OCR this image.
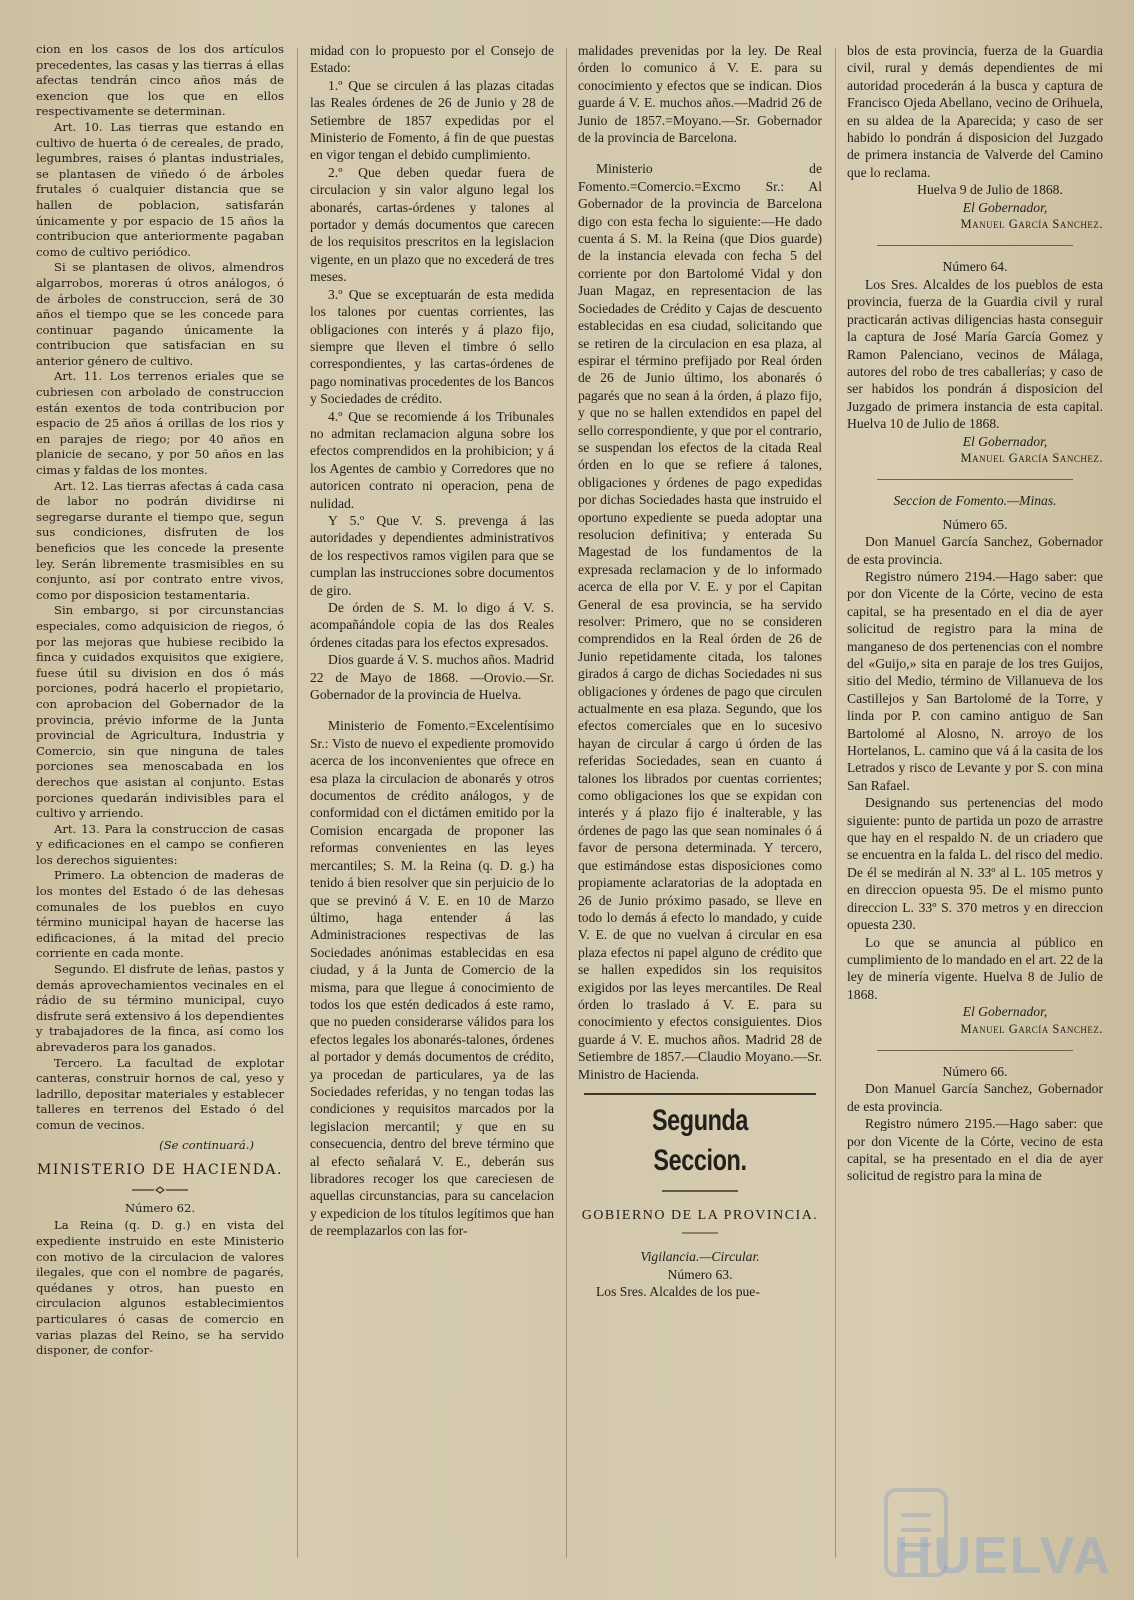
cion en los casos de los dos artículos precedentes, las casas y las tierras á ellas afectas tendrán cinco años más de exencion que los que en ellos respectivamente se determinan.

Art. 10. Las tierras que estando en cultivo de huerta ó de cereales, de prado, legumbres, raises ó plantas industriales, se plantasen de viñedo ó de árboles frutales ó cualquier distancia que se hallen de poblacion, satisfarán únicamente y por espacio de 15 años la contribucion que anteriormente pagaban como de cultivo periódico.

Si se plantasen de olivos, almendros algarrobos, moreras ú otros análogos, ó de árboles de construccion, será de 30 años el tiempo que se les concede para continuar pagando únicamente la contribucion que satisfacian en su anterior género de cultivo.

Art. 11. Los terrenos eriales que se cubriesen con arbolado de construccion están exentos de toda contribucion por espacio de 25 años á orillas de los rios y en parajes de riego; por 40 años en planicie de secano, y por 50 años en las cimas y faldas de los montes.

Art. 12. Las tierras afectas á cada casa de labor no podrán dividirse ni segregarse durante el tiempo que, segun sus condiciones, disfruten de los beneficios que les concede la presente ley. Serán libremente trasmisibles en su conjunto, así por contrato entre vivos, como por disposicion testamentaria.

Sin embargo, si por circunstancias especiales, como adquisicion de riegos, ó por las mejoras que hubiese recibido la finca y cuidados exquisitos que exigiere, fuese útil su division en dos ó más porciones, podrá hacerlo el propietario, con aprobacion del Gobernador de la provincia, prévio informe de la Junta provincial de Agricultura, Industria y Comercio, sin que ninguna de tales porciones sea menoscabada en los derechos que asistan al conjunto. Estas porciones quedarán indivisibles para el cultivo y arriendo.

Art. 13. Para la construccion de casas y edificaciones en el campo se confieren los derechos siguientes:

Primero. La obtencion de maderas de los montes del Estado ó de las dehesas comunales de los pueblos en cuyo término municipal hayan de hacerse las edificaciones, á la mitad del precio corriente en cada monte.

Segundo. El disfrute de leñas, pastos y demás aprovechamientos vecinales en el rádio de su término municipal, cuyo disfrute será extensivo á los dependientes y trabajadores de la finca, así como los abrevaderos para los ganados.

Tercero. La facultad de explotar canteras, construir hornos de cal, yeso y ladrillo, depositar materiales y establecer talleres en terrenos del Estado ó del comun de vecinos.

(Se continuará.)

MINISTERIO DE HACIENDA.
Número 62.

La Reina (q. D. g.) en vista del expediente instruido en este Ministerio con motivo de la circulacion de valores ilegales, que con el nombre de pagarés, quédanes y otros, han puesto en circulacion algunos establecimientos particulares ó casas de comercio en varias plazas del Reino, se ha servido disponer, de confor-

midad con lo propuesto por el Consejo de Estado:

1.º Que se circulen á las plazas citadas las Reales órdenes de 26 de Junio y 28 de Setiembre de 1857 expedidas por el Ministerio de Fomento, á fin de que puestas en vigor tengan el debido cumplimiento.

2.º Que deben quedar fuera de circulacion y sin valor alguno legal los abonarés, cartas-órdenes y talones al portador y demás documentos que carecen de los requisitos prescritos en la legislacion vigente, en un plazo que no excederá de tres meses.

3.º Que se exceptuarán de esta medida los talones por cuentas corrientes, las obligaciones con interés y á plazo fijo, siempre que lleven el timbre ó sello correspondientes, y las cartas-órdenes de pago nominativas procedentes de los Bancos y Sociedades de crédito.

4.º Que se recomiende á los Tribunales no admitan reclamacion alguna sobre los efectos comprendidos en la prohibicion; y á los Agentes de cambio y Corredores que no autoricen contrato ni operacion, pena de nulidad.

Y 5.º Que V. S. prevenga á las autoridades y dependientes administrativos de los respectivos ramos vigilen para que se cumplan las instrucciones sobre documentos de giro.

De órden de S. M. lo digo á V. S. acompañándole copia de las dos Reales órdenes citadas para los efectos expresados.

Dios guarde á V. S. muchos años. Madrid 22 de Mayo de 1868. —Orovio.—Sr. Gobernador de la provincia de Huelva.

Ministerio de Fomento.=Excelentísimo Sr.: Visto de nuevo el expediente promovido acerca de los inconvenientes que ofrece en esa plaza la circulacion de abonarés y otros documentos de crédito análogos, y de conformidad con el dictámen emitido por la Comision encargada de proponer las reformas convenientes en las leyes mercantiles; S. M. la Reina (q. D. g.) ha tenido á bien resolver que sin perjuicio de lo que se previnó á V. E. en 10 de Marzo último, haga entender á las Administraciones respectivas de las Sociedades anónimas establecidas en esa ciudad, y á la Junta de Comercio de la misma, para que llegue á conocimiento de todos los que estén dedicados á este ramo, que no pueden considerarse válidos para los efectos legales los abonarés-talones, órdenes al portador y demás documentos de crédito, ya procedan de particulares, ya de las Sociedades referidas, y no tengan todas las condiciones y requisitos marcados por la legislacion mercantil; y que en su consecuencia, dentro del breve término que al efecto señalará V. E., deberán sus libradores recoger los que careciesen de aquellas circunstancias, para su cancelacion y expedicion de los títulos legítimos que han de reemplazarlos con las for-

malidades prevenidas por la ley. De Real órden lo comunico á V. E. para su conocimiento y efectos que se indican. Dios guarde á V. E. muchos años.—Madrid 26 de Junio de 1857.=Moyano.—Sr. Gobernador de la provincia de Barcelona.

Ministerio de Fomento.=Comercio.=Excmo Sr.: Al Gobernador de la provincia de Barcelona digo con esta fecha lo siguiente:—He dado cuenta á S. M. la Reina (que Dios guarde) de la instancia elevada con fecha 5 del corriente por don Bartolomé Vidal y don Juan Magaz, en representacion de las Sociedades de Crédito y Cajas de descuento establecidas en esa ciudad, solicitando que se retiren de la circulacion en esa plaza, al espirar el término prefijado por Real órden de 26 de Junio último, los abonarés ó pagarés que no sean á la órden, á plazo fijo, y que no se hallen extendidos en papel del sello correspondiente, y que por el contrario, se suspendan los efectos de la citada Real órden en lo que se refiere á talones, obligaciones y órdenes de pago expedidas por dichas Sociedades hasta que instruido el oportuno expediente se pueda adoptar una resolucion definitiva; y enterada Su Magestad de los fundamentos de la expresada reclamacion y de lo informado acerca de ella por V. E. y por el Capitan General de esa provincia, se ha servido resolver: Primero, que no se consideren comprendidos en la Real órden de 26 de Junio repetidamente citada, los talones girados á cargo de dichas Sociedades ni sus obligaciones y órdenes de pago que circulen actualmente en esa plaza. Segundo, que los efectos comerciales que en lo sucesivo hayan de circular á cargo ú órden de las referidas Sociedades, sean en cuanto á talones los librados por cuentas corrientes; como obligaciones los que se expidan con interés y á plazo fijo é inalterable, y las órdenes de pago las que sean nominales ó á favor de persona determinada. Y tercero, que estimándose estas disposiciones como propiamente aclaratorias de la adoptada en 26 de Junio próximo pasado, se lleve en todo lo demás á efecto lo mandado, y cuide V. E. de que no vuelvan á circular en esa plaza efectos ni papel alguno de crédito que se hallen expedidos sin los requisitos exigidos por las leyes mercantiles. De Real órden lo traslado á V. E. para su conocimiento y efectos consiguientes. Dios guarde á V. E. muchos años. Madrid 28 de Setiembre de 1857.—Claudio Moyano.—Sr. Ministro de Hacienda.

Segunda Seccion.
GOBIERNO DE LA PROVINCIA.
Vigilancia.—Circular.
Número 63.

Los Sres. Alcaldes de los pue-

blos de esta provincia, fuerza de la Guardia civil, rural y demás dependientes de mi autoridad procederán á la busca y captura de Francisco Ojeda Abellano, vecino de Orihuela, en su aldea de la Aparecida; y caso de ser habido lo pondrán á disposicion del Juzgado de primera instancia de Valverde del Camino que lo reclama.

Huelva 9 de Julio de 1868.
El Gobernador,
Manuel García Sanchez.
Número 64.

Los Sres. Alcaldes de los pueblos de esta provincia, fuerza de la Guardia civil y rural practicarán activas diligencias hasta conseguir la captura de José María García Gomez y Ramon Palenciano, vecinos de Málaga, autores del robo de tres caballerías; y caso de ser habidos los pondrán á disposicion del Juzgado de primera instancia de esta capital. Huelva 10 de Julio de 1868.

El Gobernador,
Manuel García Sanchez.
Seccion de Fomento.—Minas.
Número 65.

Don Manuel García Sanchez, Gobernador de esta provincia.

Registro número 2194.—Hago saber: que por don Vicente de la Córte, vecino de esta capital, se ha presentado en el dia de ayer solicitud de registro para la mina de manganeso de dos pertenencias con el nombre del «Guijo,» sita en paraje de los tres Guijos, sitio del Medio, término de Villanueva de los Castillejos y San Bartolomé de la Torre, y linda por P. con camino antiguo de San Bartolomé al Alosno, N. arroyo de los Hortelanos, L. camino que vá á la casita de los Letrados y risco de Levante y por S. con mina San Rafael.

Designando sus pertenencias del modo siguiente: punto de partida un pozo de arrastre que hay en el respaldo N. de un criadero que se encuentra en la falda L. del risco del medio. De él se medirán al N. 33º al L. 105 metros y en direccion opuesta 95. De el mismo punto direccion L. 33º S. 370 metros y en direccion opuesta 230.

Lo que se anuncia al público en cumplimiento de lo mandado en el art. 22 de la ley de minería vigente. Huelva 8 de Julio de 1868.

El Gobernador,
Manuel García Sanchez.
Número 66.

Don Manuel García Sanchez, Gobernador de esta provincia.

Registro número 2195.—Hago saber: que por don Vicente de la Córte, vecino de esta capital, se ha presentado en el dia de ayer solicitud de registro para la mina de

HUELVA
